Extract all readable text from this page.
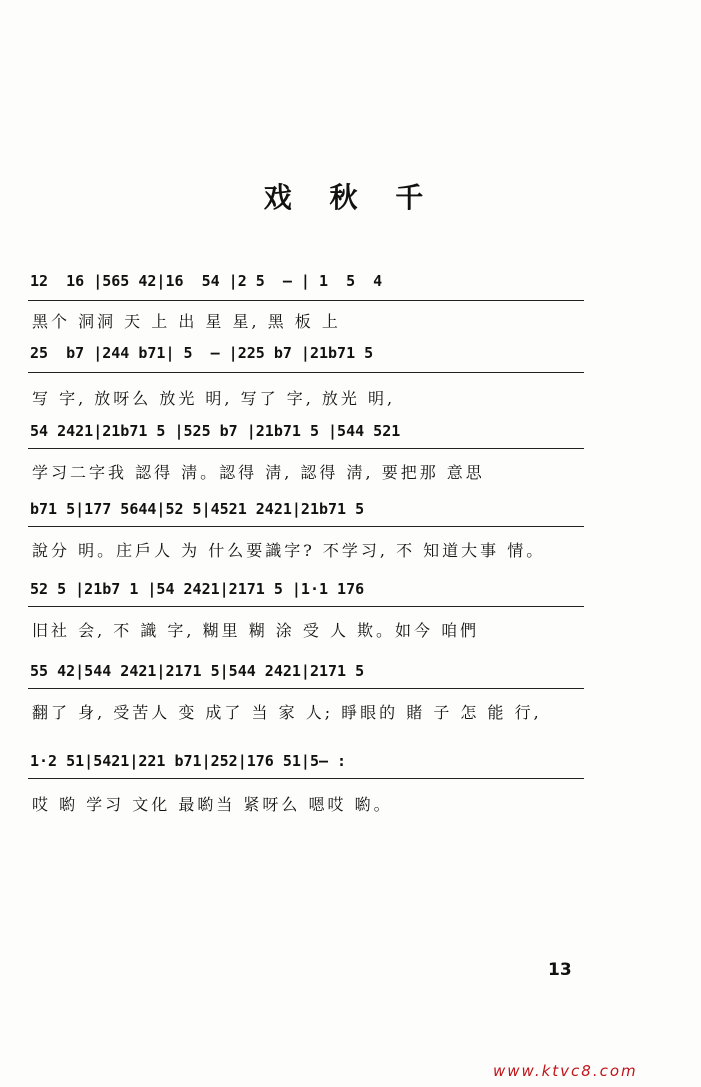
戏 秋 千
12  16 |565 42|16  54 |2 5  — | 1  5  4
黑个 洞洞 天 上 出 星 星, 黑 板 上
25  b7 |244 b71| 5  — |225 b7 |21b71 5
写 字, 放呀么 放光 明, 写了 字, 放光 明,
54 2421|21b71 5 |525 b7 |21b71 5 |544 521
学习二字我 認得 淸。認得 淸, 認得 淸, 要把那 意思
b71 5|177 5644|52 5|4521 2421|21b71 5
說分 明。庄戶人 为 什么要識字? 不学习, 不 知道大事 情。
52 5 |21b7 1 |54 2421|2171 5 |1·1 176
旧社 会, 不 識 字, 糊里 糊 涂 受 人 欺。如今 咱們
55 42|544 2421|2171 5|544 2421|2171 5
翻了 身, 受苦人 变 成了 当 家 人; 睜眼的 賭 子 怎 能 行,
1·2 51|5421|221 b71|252|176 51|5— :
哎 喲 学习 文化 最喲当 紧呀么 嗯哎 喲。
13
www.ktvc8.com
